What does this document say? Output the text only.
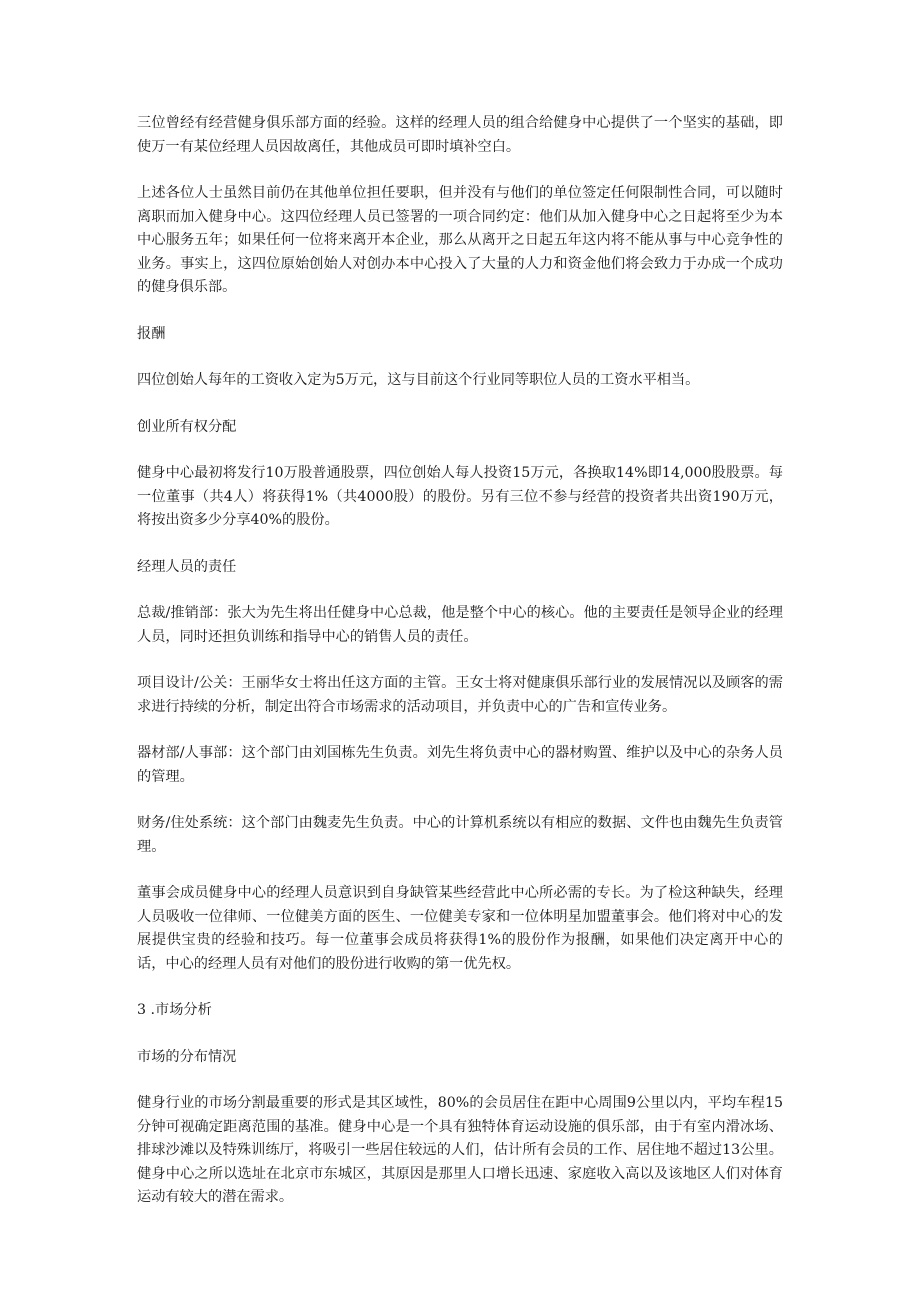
三位曾经有经营健身俱乐部方面的经验。这样的经理人员的组合给健身中心提供了一个坚实的基础，即使万一有某位经理人员因故离任，其他成员可即时填补空白。

上述各位人士虽然目前仍在其他单位担任要职，但并没有与他们的单位签定任何限制性合同，可以随时离职而加入健身中心。这四位经理人员已签署的一项合同约定：他们从加入健身中心之日起将至少为本中心服务五年；如果任何一位将来离开本企业，那么从离开之日起五年这内将不能从事与中心竞争性的业务。事实上，这四位原始创始人对创办本中心投入了大量的人力和资金他们将会致力于办成一个成功的健身俱乐部。

报酬

四位创始人每年的工资收入定为5万元，这与目前这个行业同等职位人员的工资水平相当。

创业所有权分配

健身中心最初将发行10万股普通股票，四位创始人每人投资15万元，各换取14%即14,000股股票。每一位董事（共4人）将获得1%（共4000股）的股份。另有三位不参与经营的投资者共出资190万元，将按出资多少分享40%的股份。

经理人员的责任

总裁/推销部：张大为先生将出任健身中心总裁，他是整个中心的核心。他的主要责任是领导企业的经理人员，同时还担负训练和指导中心的销售人员的责任。

项目设计/公关：王丽华女士将出任这方面的主管。王女士将对健康俱乐部行业的发展情况以及顾客的需求进行持续的分析，制定出符合市场需求的活动项目，并负责中心的广告和宣传业务。

器材部/人事部：这个部门由刘国栋先生负责。刘先生将负责中心的器材购置、维护以及中心的杂务人员的管理。

财务/住处系统：这个部门由魏麦先生负责。中心的计算机系统以有相应的数据、文件也由魏先生负责管理。

董事会成员健身中心的经理人员意识到自身缺管某些经营此中心所必需的专长。为了检这种缺失，经理人员吸收一位律师、一位健美方面的医生、一位健美专家和一位体明星加盟董事会。他们将对中心的发展提供宝贵的经验和技巧。每一位董事会成员将获得1%的股份作为报酬，如果他们决定离开中心的话，中心的经理人员有对他们的股份进行收购的第一优先权。

3 .市场分析

市场的分布情况

健身行业的市场分割最重要的形式是其区域性，80%的会员居住在距中心周围9公里以内，平均车程15分钟可视确定距离范围的基准。健身中心是一个具有独特体育运动设施的俱乐部，由于有室内滑冰场、排球沙滩以及特殊训练厅，将吸引一些居住较远的人们，估计所有会员的工作、居住地不超过13公里。健身中心之所以选址在北京市东城区，其原因是那里人口增长迅速、家庭收入高以及该地区人们对体育运动有较大的潜在需求。
